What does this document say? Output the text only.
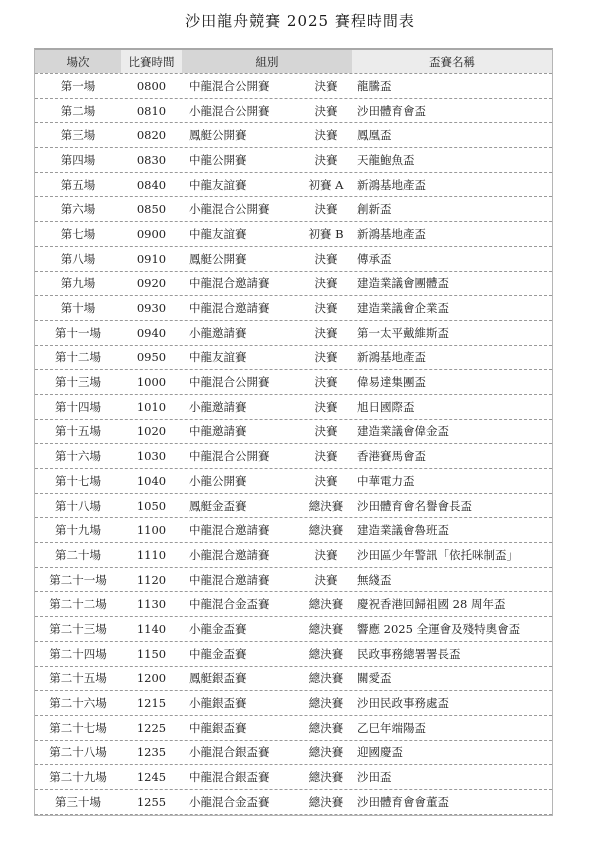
沙田龍舟競賽 2025 賽程時間表
場次	比賽時間	組別	盃賽名稱
第一場	0800	中龍混合公開賽	決賽	龍騰盃
第二場	0810	小龍混合公開賽	決賽	沙田體育會盃
第三場	0820	鳳艇公開賽	決賽	鳳凰盃
第四場	0830	中龍公開賽	決賽	天龍鮑魚盃
第五場	0840	中龍友誼賽	初賽 A	新鴻基地產盃
第六場	0850	小龍混合公開賽	決賽	創新盃
第七場	0900	中龍友誼賽	初賽 B	新鴻基地產盃
第八場	0910	鳳艇公開賽	決賽	傳承盃
第九場	0920	中龍混合邀請賽	決賽	建造業議會團體盃
第十場	0930	中龍混合邀請賽	決賽	建造業議會企業盃
第十一場	0940	小龍邀請賽	決賽	第一太平戴維斯盃
第十二場	0950	中龍友誼賽	決賽	新鴻基地產盃
第十三場	1000	中龍混合公開賽	決賽	偉易達集團盃
第十四場	1010	小龍邀請賽	決賽	旭日國際盃
第十五場	1020	中龍邀請賽	決賽	建造業議會偉金盃
第十六場	1030	中龍混合公開賽	決賽	香港賽馬會盃
第十七場	1040	小龍公開賽	決賽	中華電力盃
第十八場	1050	鳳艇金盃賽	總決賽	沙田體育會名譽會長盃
第十九場	1100	中龍混合邀請賽	總決賽	建造業議會魯班盃
第二十場	1110	小龍混合邀請賽	決賽	沙田區少年警訊「依托咪制盃」
第二十一場	1120	中龍混合邀請賽	決賽	無綫盃
第二十二場	1130	中龍混合金盃賽	總決賽	慶祝香港回歸祖國 28 周年盃
第二十三場	1140	小龍金盃賽	總決賽	響應 2025 全運會及殘特奧會盃
第二十四場	1150	中龍金盃賽	總決賽	民政事務總署署長盃
第二十五場	1200	鳳艇銀盃賽	總決賽	關愛盃
第二十六場	1215	小龍銀盃賽	總決賽	沙田民政事務處盃
第二十七場	1225	中龍銀盃賽	總決賽	乙巳年端陽盃
第二十八場	1235	小龍混合銀盃賽	總決賽	迎國慶盃
第二十九場	1245	中龍混合銀盃賽	總決賽	沙田盃
第三十場	1255	小龍混合金盃賽	總決賽	沙田體育會會董盃
